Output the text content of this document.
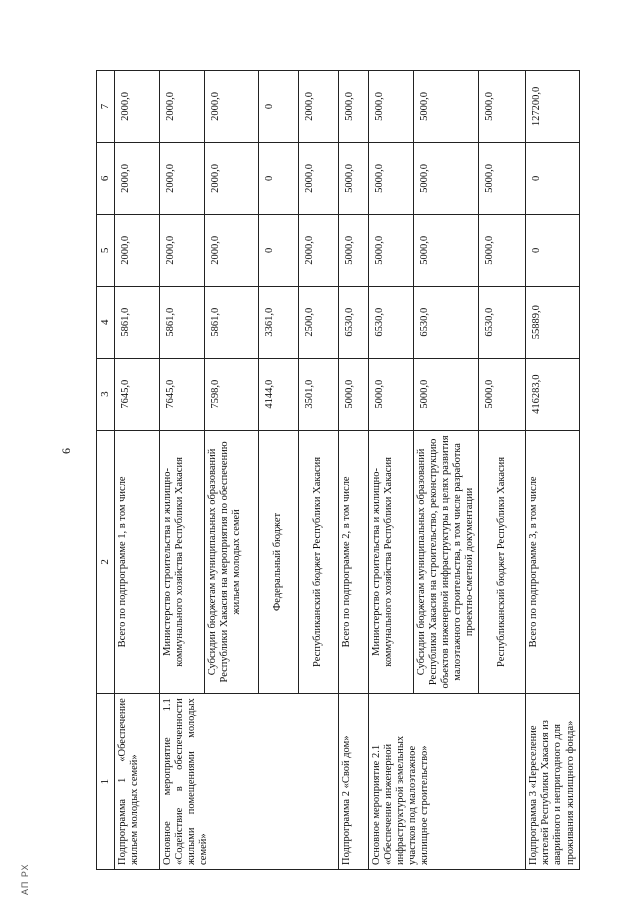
6
1	2	3	4	5	6	7
Подпрограмма 1 «Обеспечение жильем молодых семей»	Всего по подпрограмме 1, в том числе	7645,0	5861,0	2000,0	2000,0	2000,0
Основное мероприятие 1.1 «Содействие в обеспеченности жилыми помещениями молодых семей»	Министерство строительства и жилищно-коммунального хозяйства Республики Хакасия	7645,0	5861,0	2000,0	2000,0	2000,0
	Субсидии бюджетам муниципальных образований Республики Хакасия на мероприятия по обеспечению жильем молодых семей	7598,0	5861,0	2000,0	2000,0	2000,0
	Федеральный бюджет	4144,0	3361,0	0	0	0
	Республиканский бюджет Республики Хакасия	3501,0	2500,0	2000,0	2000,0	2000,0
Подпрограмма 2 «Свой дом»	Всего по подпрограмме 2, в том числе	5000,0	6530,0	5000,0	5000,0	5000,0
Основное мероприятие 2.1 «Обеспечение инженерной инфраструктурой земельных участков под малоэтажное жилищное строительство»	Министерство строительства и жилищно-коммунального хозяйства Республики Хакасия	5000,0	6530,0	5000,0	5000,0	5000,0
	Субсидии бюджетам муниципальных образований Республики Хакасия на строительство, реконструкцию объектов инженерной инфраструктуры в целях развития малоэтажного строительства, в том числе разработка проектно-сметной документации	5000,0	6530,0	5000,0	5000,0	5000,0
	Республиканский бюджет Республики Хакасия	5000,0	6530,0	5000,0	5000,0	5000,0
Подпрограмма 3 «Переселение жителей Республики Хакасия из аварийного и непригодного для проживания жилищного фонда»	Всего по подпрограмме 3, в том числе	416283,0	55889,0	0	0	127200,0
АП РХ
